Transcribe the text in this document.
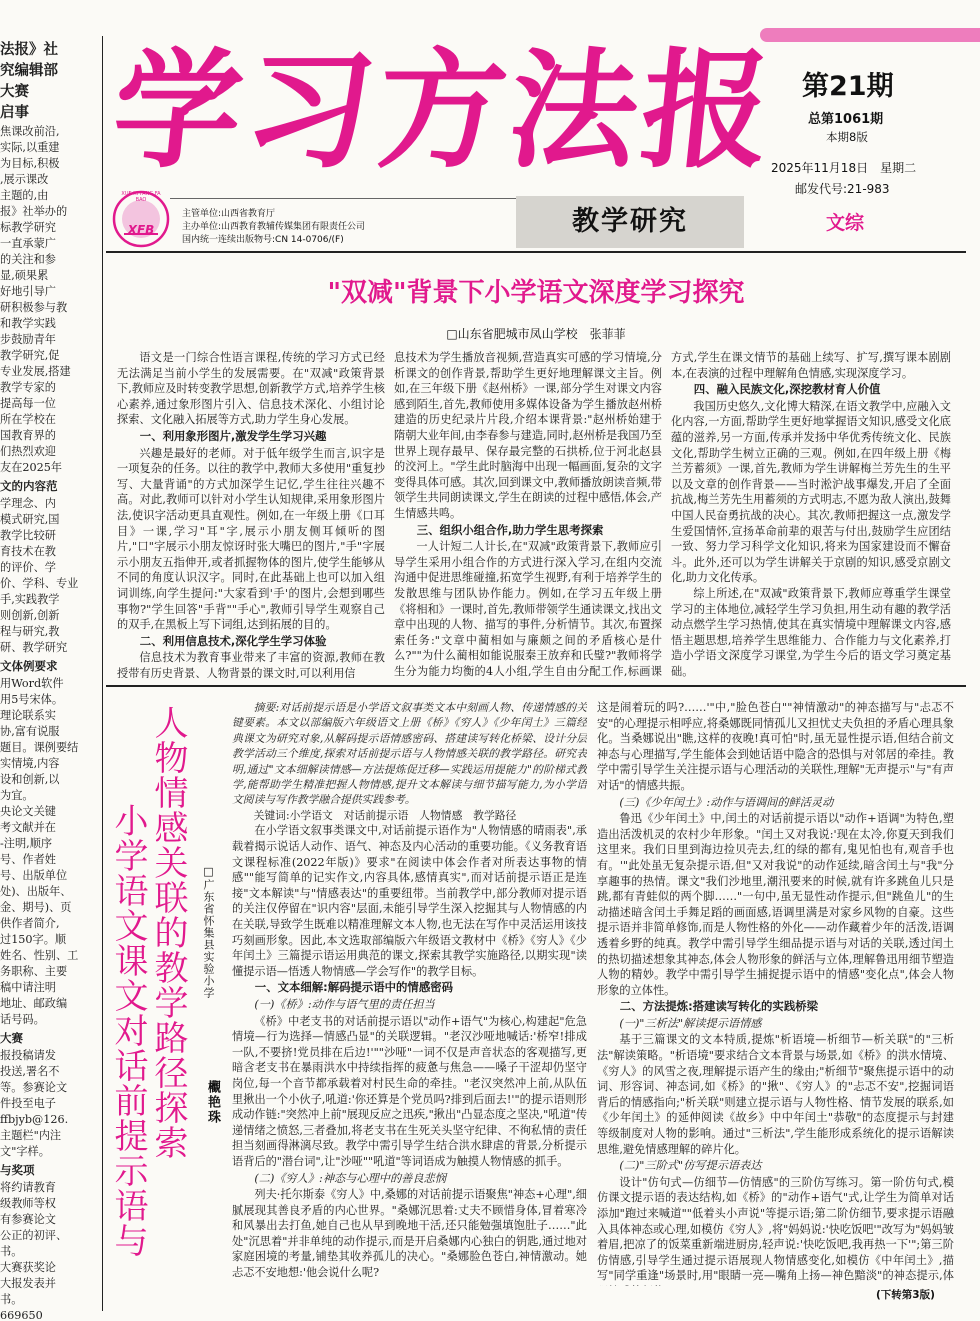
法报》社

究编辑部

大赛

启事

焦课改前沿,

实际,以重建

为目标,积极

,展示课改

主题的,由

报》社举办的

标教学研究

一直承蒙广

的关注和参

显,硕果累

好地引导广

研积极参与教

和教学实践

步鼓励青年

教学研究,促

专业发展,搭建

教学专家的

提高每一位

所在学校在

国教育界的

们热烈欢迎

友在2025年

文的内容范

学理念、内

模式研究,国

教学比较研

育技术在教

的评价、学

价、学科、专业

手,实践教学

则创新,创新

程与研究,教

研、教学研究

文体例要求

用Word软件

用5号宋体。

理论联系实

协,富有说服

题目。课例要结

实情境,内容

设和创新,以

为宜。

央论文关键

考文献并在

-注明,顺序

号、作者姓

号、出版单位

处)、出版年、

金、期号)、页

供作者简介,

过150字。顺

姓名、性别、工

务职称、主要

稿中请注明

地址、邮政编

话号码。

大赛

报投稿请发

投送,署名不

等。参赛论文

件投至电子

ffbjyb@126.

主题栏"内注

文"字样。

与奖项

将约请教育

级教师等权

有参赛论文

公正的初评、

书。

大赛获奖论

大报发表并

书。

669650

学习方法报 第21期
总第1061期
本期8版
2025年11月18日　星期二
邮发代号:21-983
XUE XI FANG FA BAO
XFB
主管单位:山西省教育厅
主办单位:山西教育教辅传媒集团有限责任公司
国内统一连续出版物号:CN 14-0706/(F)
教学研究	文综
"双减"背景下小学语文深度学习探究
□山东省肥城市凤山学校　张菲菲

语文是一门综合性语言课程,传统的学习方式已经无法满足当前小学生的发展需要。在"双减"政策背景下,教师应及时转变教学思想,创新教学方式,培养学生核心素养,通过象形图片引入、信息技术深化、小组讨论探索、文化融入拓展等方式,助力学生身心发展。

一、利用象形图片,激发学生学习兴趣

兴趣是最好的老师。对于低年级学生而言,识字是一项复杂的任务。以往的教学中,教师大多使用"重复抄写、大量背诵"的方式加深学生记忆,学生往往兴趣不高。对此,教师可以针对小学生认知规律,采用象形图片法,使识字活动更具直观性。例如,在一年级上册《口耳目》一课,学习"耳"字,展示小朋友侧耳倾听的图片,"口"字展示小朋友惊讶时张大嘴巴的图片,"手"字展示小朋友五指伸开,或者抓握物体的图片,使学生能够从不同的角度认识汉字。同时,在此基础上也可以加入组词训练,向学生提问:"大家看到'手'的图片,会想到哪些事物?"学生回答"手背""手心",教师引导学生观察自己的双手,在黑板上写下词组,达到拓展的目的。

二、利用信息技术,深化学生学习体验

信息技术为教育事业带来了丰富的资源,教师在教授带有历史背景、人物背景的课文时,可以利用信

息技术为学生播放音视频,营造真实可感的学习情境,分析课文的创作背景,帮助学生更好地理解课文主旨。例如,在三年级下册《赵州桥》一课,部分学生对课文内容感到陌生,首先,教师使用多媒体设备为学生播放赵州桥建造的历史纪录片片段,介绍本课背景:"赵州桥始建于隋朝大业年间,由李春参与建造,同时,赵州桥是我国乃至世界上现存最早、保存最完整的石拱桥,位于河北赵县的洨河上。"学生此时脑海中出现一幅画面,复杂的文字变得具体可感。其次,回到课文中,教师播放朗读音频,带领学生共同朗读课文,学生在朗读的过程中感悟,体会,产生情感共鸣。

三、组织小组合作,助力学生思考探索

一人计短二人计长,在"双减"政策背景下,教师应引导学生采用小组合作的方式进行深入学习,在组内交流沟通中促进思维碰撞,拓宽学生视野,有利于培养学生的发散思维与团队协作能力。例如,在学习五年级上册《将相和》一课时,首先,教师带领学生通读课文,找出文章中出现的人物、描写的事件,分析情节。其次,布置探索任务:"文章中蔺相如与廉颇之间的矛盾核心是什么?""为什么蔺相如能说服秦王放弃和氏璧?"教师将学生分为能力均衡的4人小组,学生自由分配工作,标画课

方式,学生在课文情节的基础上续写、扩写,撰写课本剧剧本,在表演的过程中理解角色情感,实现深度学习。

四、融入民族文化,深挖教材育人价值

我国历史悠久,文化博大精深,在语文教学中,应融入文化内容,一方面,帮助学生更好地掌握语文知识,感受文化底蕴的滋养,另一方面,传承并发扬中华优秀传统文化、民族文化,帮助学生树立正确的三观。例如,在四年级上册《梅兰芳蓄须》一课,首先,教师为学生讲解梅兰芳先生的生平以及文章的创作背景——当时淞沪战事爆发,开启了全面抗战,梅兰芳先生用蓄须的方式明志,不愿为敌人演出,鼓舞中国人民奋勇抗战的决心。其次,教师把握这一点,激发学生爱国情怀,宣扬革命前辈的艰苦与付出,鼓励学生应团结一致、努力学习科学文化知识,将来为国家建设而不懈奋斗。此外,还可以为学生讲解关于京剧的知识,感受京剧文化,助力文化传承。

综上所述,在"双减"政策背景下,教师应尊重学生课堂学习的主体地位,减轻学生学习负担,用生动有趣的教学活动点燃学生学习热情,使其在真实情境中理解课文内容,感悟主题思想,培养学生思维能力、合作能力与文化素养,打造小学语文深度学习课堂,为学生今后的语文学习奠定基础。

人物情感关联的教学路径探索
小学语文课文对话前提示语与	□广东省怀集县实验小学
欟艳珠

摘要:对话前提示语是小学语文叙事类文本中刻画人物、传递情感的关键要素。本文以部编版六年级语文上册《桥》《穷人》《少年闰土》三篇经典课文为研究对象,从解码提示语情感密码、搭建读写转化桥梁、设计分层教学活动三个维度,探索对话前提示语与人物情感关联的教学路径。研究表明,通过"文本细解读情感—方法提炼促迁移—实践运用提能力"的阶梯式教学,能帮助学生精准把握人物情感,提升文本解读与细节描写能力,为小学语文阅读与写作教学融合提供实践参考。

关键词:小学语文　对话前提示语　人物情感　教学路径

在小学语文叙事类课文中,对话前提示语作为"人物情感的晴雨表",承载着揭示说话人动作、语气、神态及内心活动的重要功能。《义务教育语文课程标准(2022年版)》要求"在阅读中体会作者对所表达事物的情感""能写简单的记实作文,内容具体,感情真实",而对话前提示语正是连接"文本解读"与"情感表达"的重要纽带。当前教学中,部分教师对提示语的关注仅停留在"识内容"层面,未能引导学生深入挖掘其与人物情感的内在关联,导致学生既难以精准理解文本人物,也无法在写作中灵活运用该技巧刻画形象。因此,本文选取部编版六年级语文教材中《桥》《穷人》《少年闰土》三篇提示语运用典范的课文,探索其教学实施路径,以期实现"读懂提示语—悟透人物情感—学会写作"的教学目标。

一、文本细解:解码提示语中的情感密码
(一)《桥》:动作与语气里的责任担当

《桥》中老支书的对话前提示语以"动作+语气"为核心,构建起"危急情境—行为选择—情感凸显"的关联逻辑。"老汉沙哑地喊话:'桥窄!排成一队,不要挤!党员排在后边!'""沙哑"一词不仅是声音状态的客观描写,更暗含老支书在暴雨洪水中持续指挥的疲惫与焦急——嗓子干涩却仍坚守岗位,每一个音节都承载着对村民生命的牵挂。"老汉突然冲上前,从队伍里揪出一个小伙子,吼道:'你还算是个党员吗?排到后面去!'"的提示语则形成动作链:"突然冲上前"展现反应之迅疾,"揪出"凸显态度之坚决,"吼道"传递情绪之愤怒,三者叠加,将老支书在生死关头坚守纪律、不徇私情的责任担当刻画得淋漓尽致。教学中需引导学生结合洪水肆虐的背景,分析提示语背后的"潜台词",让"沙哑""吼道"等词语成为触摸人物情感的抓手。

(二)《穷人》:神态与心理中的善良悲悯

列夫·托尔斯泰《穷人》中,桑娜的对话前提示语聚焦"神态+心理",细腻展现其善良矛盾的内心世界。"桑娜沉思着:丈夫不顾惜身体,冒着寒冷和风暴出去打鱼,她自己也从早到晚地干活,还只能勉强填饱肚子……"此处"沉思着"并非单纯的动作提示,而是开启桑娜内心独白的钥匙,通过地对家庭困境的考量,铺垫其收养孤儿的决心。"桑娜脸色苍白,神情激动。她忐忑不安地想:'他会说什么呢?

这是闹着玩的吗?……'"中,"脸色苍白""神情激动"的神态描写与"忐忑不安"的心理提示相呼应,将桑娜既同情孤儿又担忧丈夫负担的矛盾心理具象化。当桑娜说出"瞧,这样的夜晚!真可怕"时,虽无显性提示语,但结合前文神态与心理描写,学生能体会到她话语中隐含的恐惧与对邻居的牵挂。教学中需引导学生关注提示语与心理活动的关联性,理解"无声提示"与"有声对话"的情感共振。

(三)《少年闰土》:动作与语调间的鲜活灵动

鲁迅《少年闰土》中,闰土的对话前提示语以"动作+语调"为特色,塑造出活泼机灵的农村少年形象。"闰土又对我说:'现在太冷,你夏天到我们这里来。我们日里到海边捡贝壳去,红的绿的都有,鬼见怕也有,观音手也有。'"此处虽无复杂提示语,但"又对我说"的动作延续,暗含闰土与"我"分享趣事的热情。课文"我们沙地里,潮汛要来的时候,就有许多跳鱼儿只是跳,都有青蛙似的两个脚……"一句中,虽无显性动作提示,但"跳鱼儿"的生动描述暗含闰土手舞足蹈的画面感,语调里满是对家乡风物的自豪。这些提示语并非简单修饰,而是人物性格的外化——动作藏着少年的活泼,语调透着乡野的纯真。教学中需引导学生细品提示语与对话的关联,透过闰土的热切描述想象其神态,体会人物形象的鲜活与立体,理解鲁迅用细节塑造人物的精妙。教学中需引导学生捕捉提示语中的情感"变化点",体会人物形象的立体性。

二、方法提炼:搭建读写转化的实践桥梁
(一)"三析法"解读提示语情感

基于三篇课文的文本特质,提炼"析语境—析细节—析关联"的"三析法"解读策略。"析语境"要求结合文本背景与场景,如《桥》的洪水情境、《穷人》的风雪之夜,理解提示语产生的缘由;"析细节"聚焦提示语中的动词、形容词、神态词,如《桥》的"揪"、《穷人》的"忐忑不安",挖掘词语背后的情感指向;"析关联"则建立提示语与人物性格、情节发展的联系,如《少年闰土》的延伸阅读《故乡》中中年闰土"恭敬"的态度提示与封建等级制度对人物的影响。通过"三析法",学生能形成系统化的提示语解读思维,避免情感理解的碎片化。

(二)"三阶式"仿写提示语表达

设计"仿句式—仿细节—仿情感"的三阶仿写练习。第一阶仿句式,模仿课文提示语的表达结构,如《桥》的"动作+语气"式,让学生为简单对话添加"跑过来喊道""低着头小声说"等提示语;第二阶仿细节,要求提示语融入具体神态或心理,如模仿《穷人》,将"妈妈说:'快吃饭吧'"改写为"妈妈皱着眉,把凉了的饭菜重新端进厨房,轻声说:'快吃饭吧,我再热一下'";第三阶仿情感,引导学生通过提示语展现人物情感变化,如模仿《中年闰土》,描写"同学重逢"场景时,用"眼睛一亮—嘴角上扬—神色黯淡"的神态提示,体

(下转第3版)
